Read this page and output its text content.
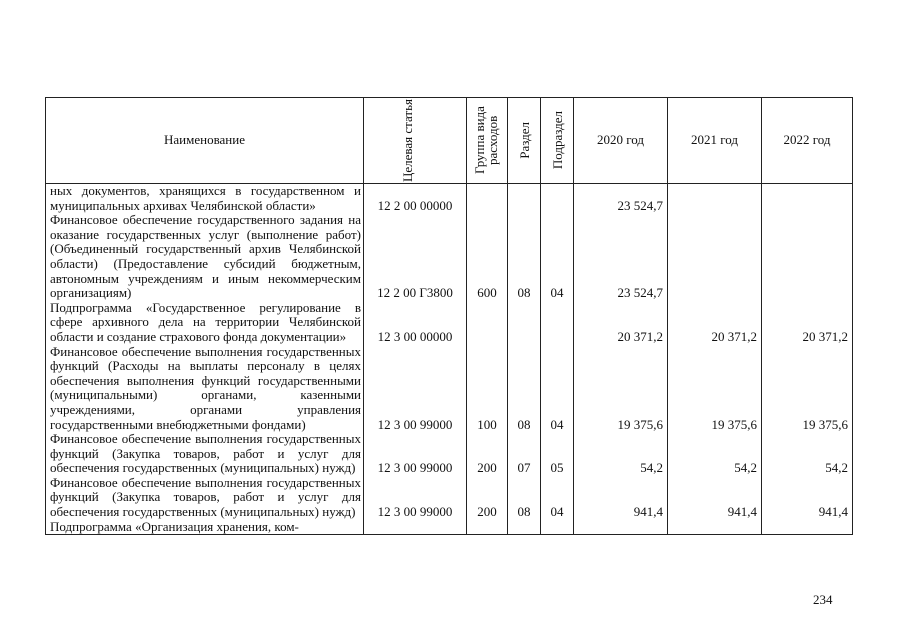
Наименование	Целевая статья	Группа вида расходов	Раздел	Подраздел	2020 год	2021 год	2022 год
ных документов, хранящихся в государственном и муниципальных архивах Челябинской области»	12 2 00 00000				23 524,7		
Финансовое обеспечение государственного задания на оказание государственных услуг (выполнение работ) (Объединенный государственный архив Челябинской области) (Предоставление субсидий бюджетным, автономным учреждениям и иным некоммерческим организациям)	12 2 00 Г3800	600	08	04	23 524,7		
Подпрограмма «Государственное регулирование в сфере архивного дела на территории Челябинской области и создание страхового фонда документации»	12 3 00 00000				20 371,2	20 371,2	20 371,2
Финансовое обеспечение выполнения государственных функций (Расходы на выплаты персоналу в целях обеспечения выполнения функций государственными (муниципальными) органами, казенными учреждениями, органами управления государственными внебюджетными фондами)	12 3 00 99000	100	08	04	19 375,6	19 375,6	19 375,6
Финансовое обеспечение выполнения государственных функций (Закупка товаров, работ и услуг для обеспечения государственных (муниципальных) нужд)	12 3 00 99000	200	07	05	54,2	54,2	54,2
Финансовое обеспечение выполнения государственных функций (Закупка товаров, работ и услуг для обеспечения государственных (муниципальных) нужд)	12 3 00 99000	200	08	04	941,4	941,4	941,4
Подпрограмма «Организация хранения, ком-							
234
